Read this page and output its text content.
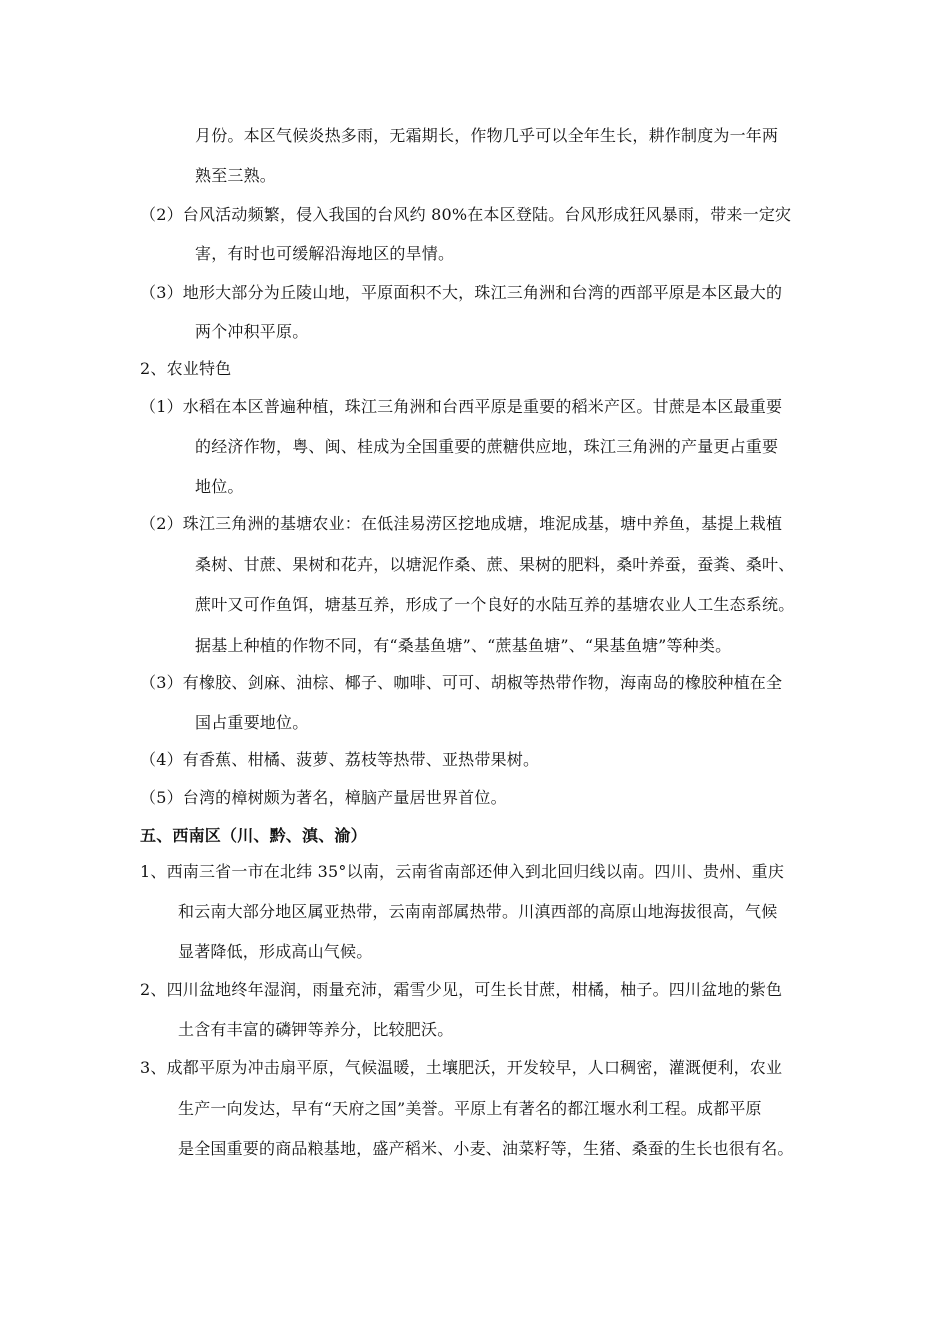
月份。本区气候炎热多雨，无霜期长，作物几乎可以全年生长，耕作制度为一年两
熟至三熟。
（2）台风活动频繁，侵入我国的台风约 80%在本区登陆。台风形成狂风暴雨，带来一定灾
害，有时也可缓解沿海地区的旱情。
（3）地形大部分为丘陵山地，平原面积不大，珠江三角洲和台湾的西部平原是本区最大的
两个冲积平原。
2、农业特色
（1）水稻在本区普遍种植，珠江三角洲和台西平原是重要的稻米产区。甘蔗是本区最重要
的经济作物，粤、闽、桂成为全国重要的蔗糖供应地，珠江三角洲的产量更占重要
地位。
（2）珠江三角洲的基塘农业：在低洼易涝区挖地成塘，堆泥成基，塘中养鱼，基提上栽植
桑树、甘蔗、果树和花卉，以塘泥作桑、蔗、果树的肥料，桑叶养蚕，蚕粪、桑叶、
蔗叶又可作鱼饵，塘基互养，形成了一个良好的水陆互养的基塘农业人工生态系统。
据基上种植的作物不同，有“桑基鱼塘”、“蔗基鱼塘”、“果基鱼塘”等种类。
（3）有橡胶、剑麻、油棕、椰子、咖啡、可可、胡椒等热带作物，海南岛的橡胶种植在全
国占重要地位。
（4）有香蕉、柑橘、菠萝、荔枝等热带、亚热带果树。
（5）台湾的樟树颇为著名，樟脑产量居世界首位。
五、西南区（川、黔、滇、渝）
1、西南三省一市在北纬 35°以南，云南省南部还伸入到北回归线以南。四川、贵州、重庆
和云南大部分地区属亚热带，云南南部属热带。川滇西部的高原山地海拔很高，气候
显著降低，形成高山气候。
2、四川盆地终年湿润，雨量充沛，霜雪少见，可生长甘蔗，柑橘，柚子。四川盆地的紫色
土含有丰富的磷钾等养分，比较肥沃。
3、成都平原为冲击扇平原，气候温暖，土壤肥沃，开发较早，人口稠密，灌溉便利，农业
生产一向发达，早有“天府之国”美誉。平原上有著名的都江堰水利工程。成都平原
是全国重要的商品粮基地，盛产稻米、小麦、油菜籽等，生猪、桑蚕的生长也很有名。
